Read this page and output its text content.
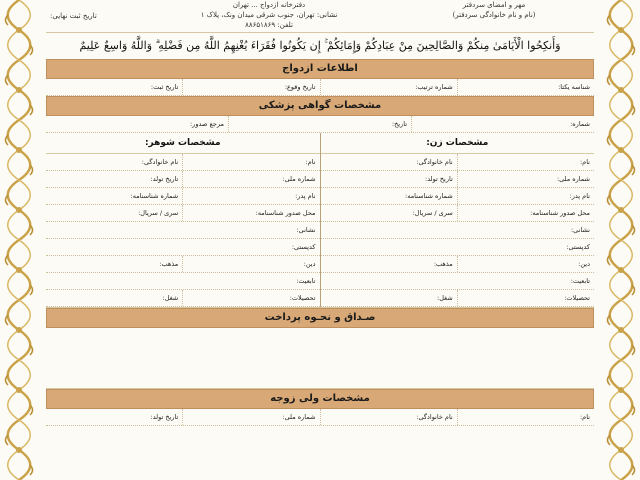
مهر و امضای سردفتر
(نام و نام خانوادگی سردفتر)
دفترخانه ازدواج ... تهران
نشانی: تهران، جنوب شرقی میدان ونک، پلاک ۱
تلفن: ۸۸۶۵۱۸۶۹
تاریخ ثبت نهایی:
وَأَنكِحُوا الْأَيَامَىٰ مِنكُمْ وَالصَّالِحِينَ مِنْ عِبَادِكُمْ وَإِمَائِكُمْ ۚ إِن يَكُونُوا فُقَرَاءَ يُغْنِهِمُ اللَّهُ مِن فَضْلِهِ ۗ وَاللَّهُ وَاسِعٌ عَلِيمٌ
اطلاعات ازدواج
شناسه یکتا:
شماره ترتیب:
تاریخ وقوع:
تاریخ ثبت:
مشخصات گواهی پزشکی
شماره:
تاریخ:
مرجع صدور:
مشخصات زن:
نام:
نام خانوادگی:
شماره ملی:
تاریخ تولد:
نام پدر:
شماره شناسنامه:
محل صدور شناسنامه:
سری / سریال:
نشانی:
کدپستی:
دین:
مذهب:
تابعیت:
تحصیلات:
شغل:
مشخصات شوهر:
نام:
نام خانوادگی:
شماره ملی:
تاریخ تولد:
نام پدر:
شماره شناسنامه:
محل صدور شناسنامه:
سری / سریال:
نشانی:
کدپستی:
دین:
مذهب:
تابعیت:
تحصیلات:
شغل:
صـداق و نحـوه پرداخت
مشخصات ولی زوجه
نام:
نام خانوادگی:
شماره ملی:
تاریخ تولد:
